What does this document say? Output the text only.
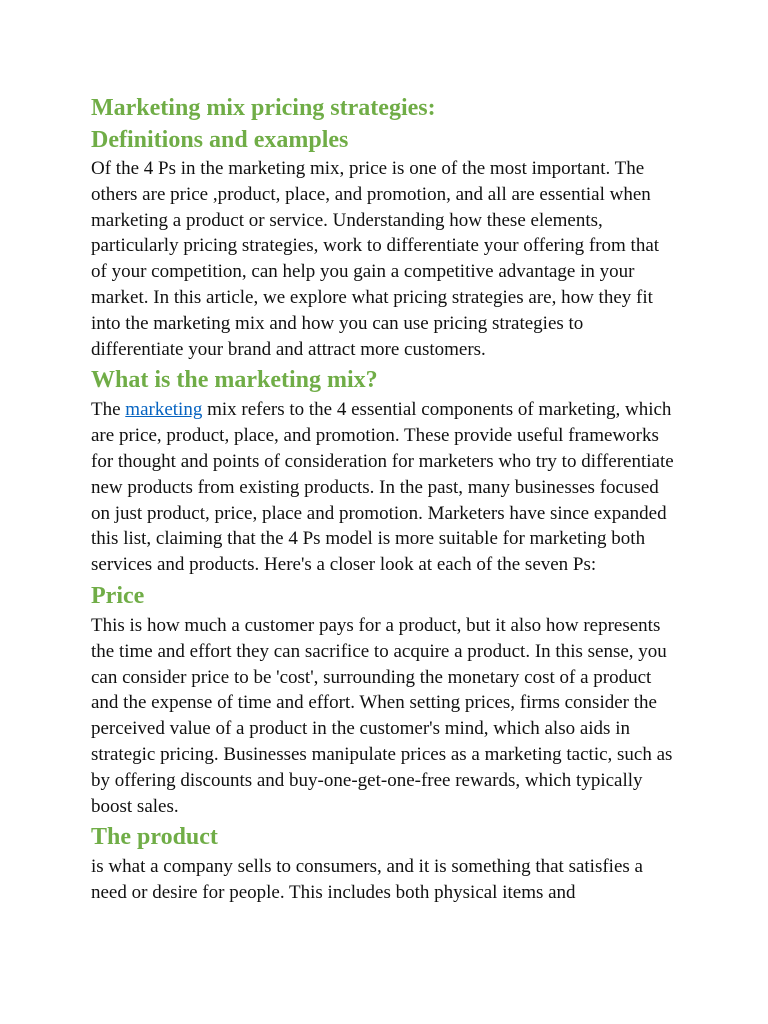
Marketing mix pricing strategies:
Definitions and examples

Of the 4 Ps in the marketing mix, price is one of the most important. The others are price ,product, place, and promotion, and all are essential when marketing a product or service. Understanding how these elements, particularly pricing strategies, work to differentiate your offering from that of your competition, can help you gain a competitive advantage in your market. In this article, we explore what pricing strategies are, how they fit into the marketing mix and how you can use pricing strategies to differentiate your brand and attract more customers.

What is the marketing mix?

The marketing mix refers to the 4 essential components of marketing, which are price, product, place, and promotion. These provide useful frameworks for thought and points of consideration for marketers who try to differentiate new products from existing products. In the past, many businesses focused on just product, price, place and promotion. Marketers have since expanded this list, claiming that the 4 Ps model is more suitable for marketing both services and products. Here's a closer look at each of the seven Ps:

Price

This is how much a customer pays for a product, but it also how represents the time and effort they can sacrifice to acquire a product. In this sense, you can consider price to be 'cost', surrounding the monetary cost of a product and the expense of time and effort. When setting prices, firms consider the perceived value of a product in the customer's mind, which also aids in strategic pricing. Businesses manipulate prices as a marketing tactic, such as by offering discounts and buy-one-get-one-free rewards, which typically boost sales.

The product

is what a company sells to consumers, and it is something that satisfies a need or desire for people. This includes both physical items and
